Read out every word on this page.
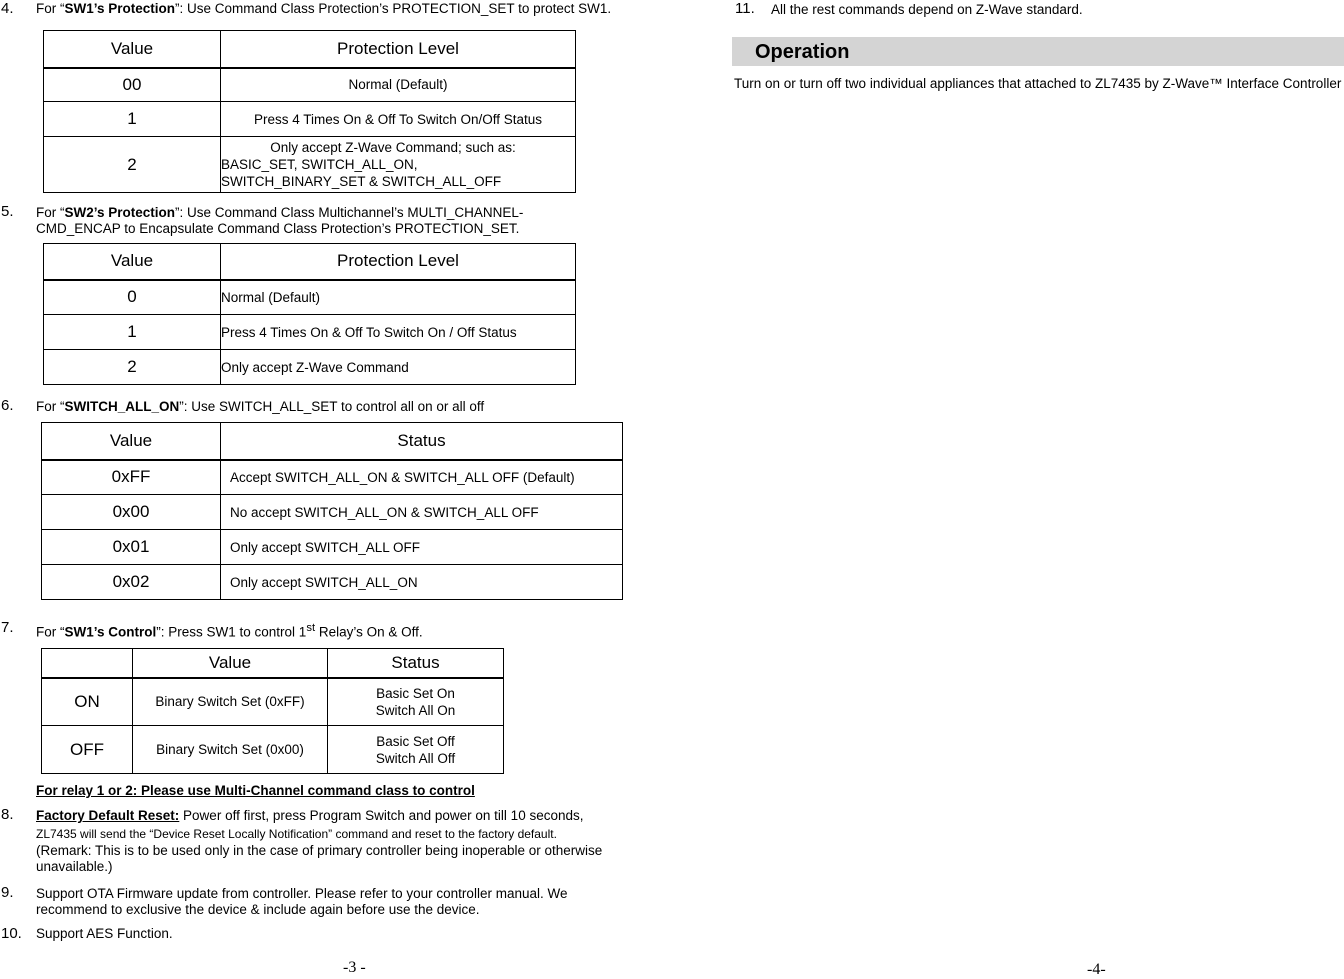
4. For “SW1’s Protection”: Use Command Class Protection’s PROTECTION_SET to protect SW1.
Value	Protection Level
00	Normal (Default)
1	Press 4 Times On & Off To Switch On/Off Status
2	Only accept Z-Wave Command; such as:
BASIC_SET, SWITCH_ALL_ON,
SWITCH_BINARY_SET & SWITCH_ALL_OFF
5. For “SW2’s Protection”: Use Command Class Multichannel’s MULTI_CHANNEL-
CMD_ENCAP to Encapsulate Command Class Protection’s PROTECTION_SET.
Value	Protection Level
0	Normal (Default)
1	Press 4 Times On & Off To Switch On / Off Status
2	Only accept Z-Wave Command
6. For “SWITCH_ALL_ON”: Use SWITCH_ALL_SET to control all on or all off
Value	Status
0xFF	Accept SWITCH_ALL_ON & SWITCH_ALL OFF (Default)
0x00	No accept SWITCH_ALL_ON & SWITCH_ALL OFF
0x01	Only accept SWITCH_ALL OFF
0x02	Only accept SWITCH_ALL_ON
7. For “SW1’s Control”: Press SW1 to control 1st Relay’s On & Off.
	Value	Status
ON	Binary Switch Set (0xFF)	Basic Set On
Switch All On

OFF	Binary Switch Set (0x00)	Basic Set Off
Switch All Off
For relay 1 or 2: Please use Multi-Channel command class to control
8. Factory Default Reset: Power off first, press Program Switch and power on till 10 seconds,
ZL7435 will send the “Device Reset Locally Notification” command and reset to the factory default.
(Remark: This is to be used only in the case of primary controller being inoperable or otherwise
unavailable.)
9. Support OTA Firmware update from controller. Please refer to your controller manual. We
recommend to exclusive the device & include again before use the device.
10. Support AES Function.
-3 -
11. All the rest commands depend on Z-Wave standard.
Operation
Turn on or turn off two individual appliances that attached to ZL7435 by Z-Wave™ Interface Controller
-4-
